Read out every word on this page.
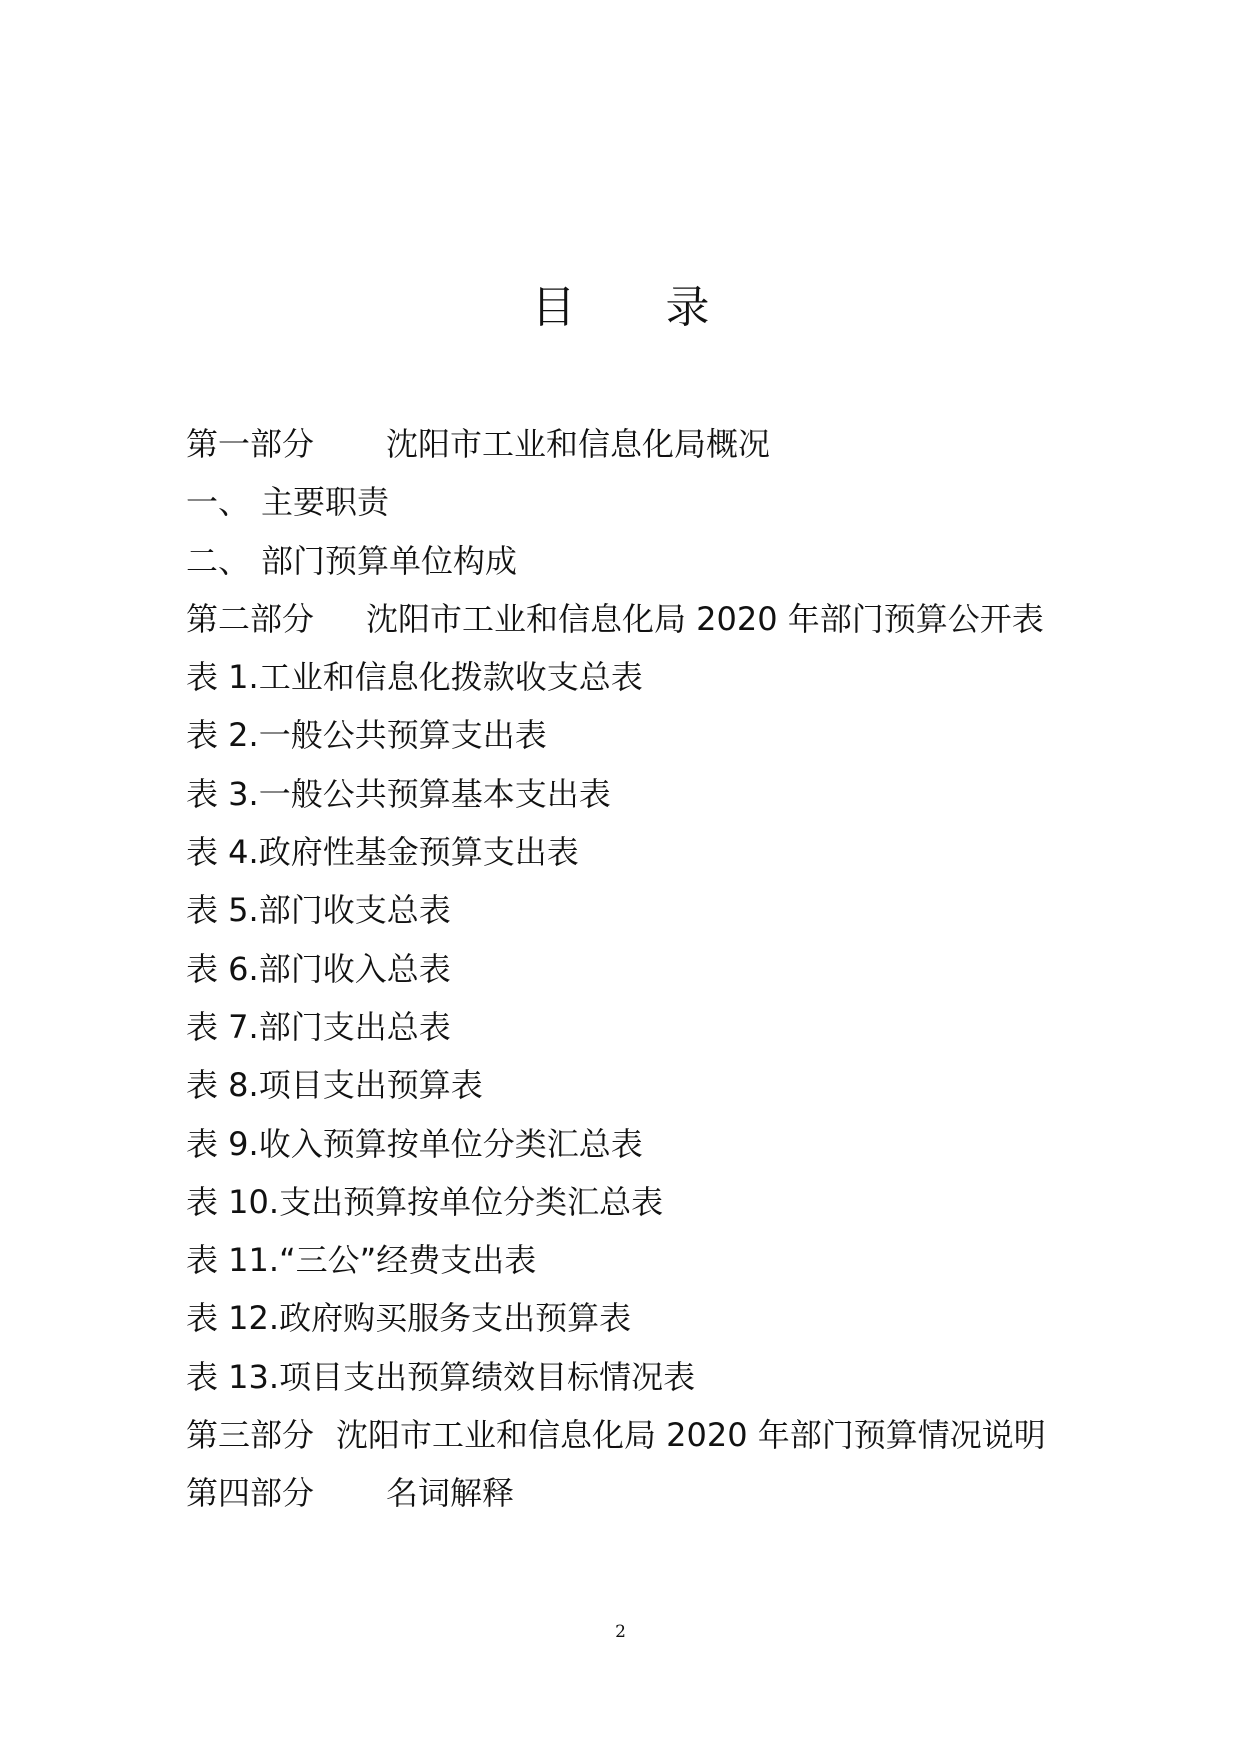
目 录
第一部分 沈阳市工业和信息化局概况
一、 主要职责
二、 部门预算单位构成
第二部分 沈阳市工业和信息化局 2020 年部门预算公开表
表 1.工业和信息化拨款收支总表
表 2.一般公共预算支出表
表 3.一般公共预算基本支出表
表 4.政府性基金预算支出表
表 5.部门收支总表
表 6.部门收入总表
表 7.部门支出总表
表 8.项目支出预算表
表 9.收入预算按单位分类汇总表
表 10.支出预算按单位分类汇总表
表 11.“三公”经费支出表
表 12.政府购买服务支出预算表
表 13.项目支出预算绩效目标情况表
第三部分 沈阳市工业和信息化局 2020 年部门预算情况说明
第四部分 名词解释
2
